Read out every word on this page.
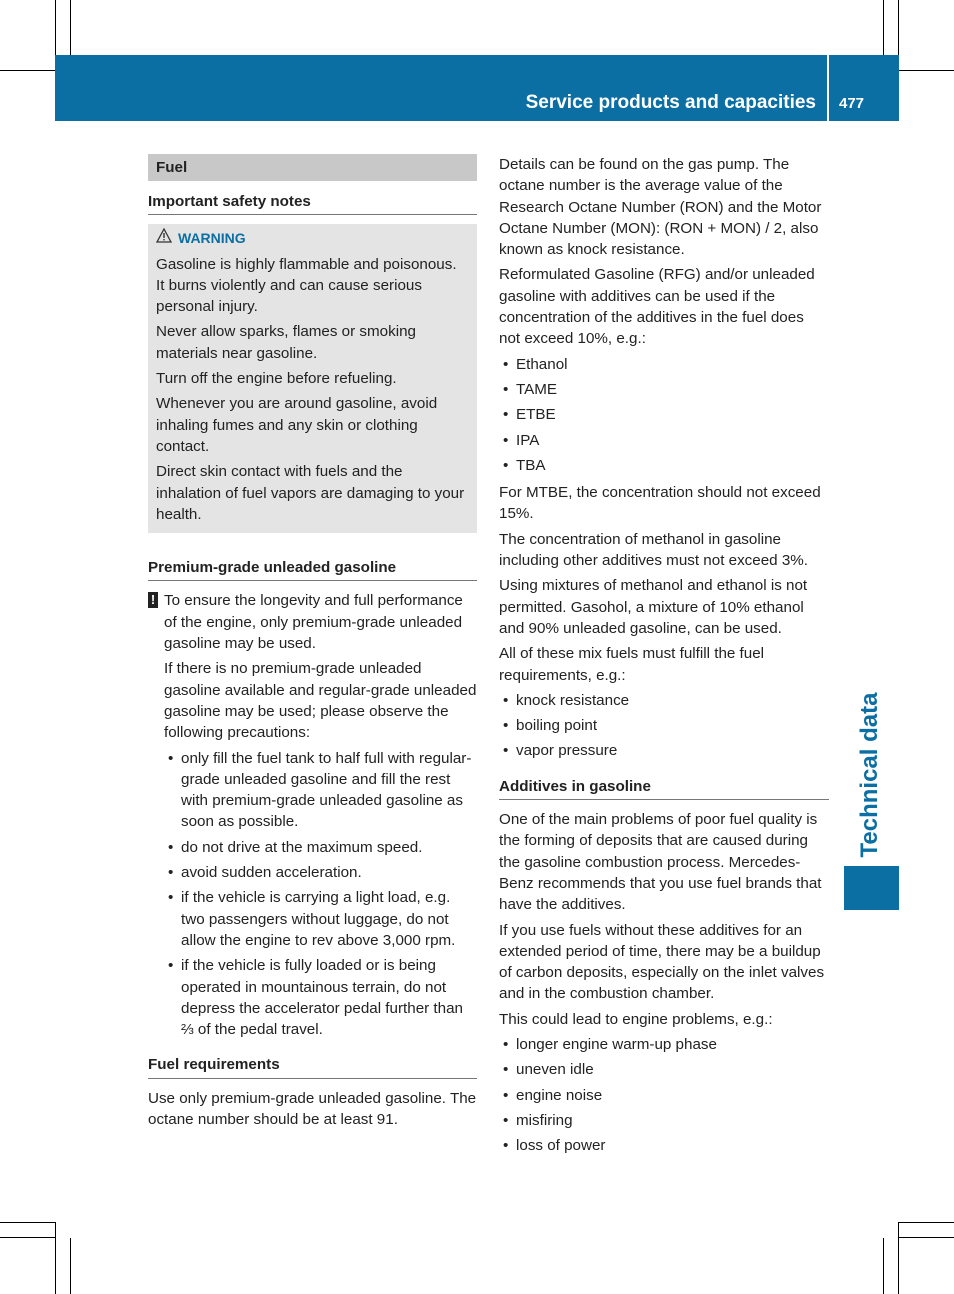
Service products and capacities 477
Technical data
Fuel
Important safety notes
WARNING

Gasoline is highly flammable and poisonous. It burns violently and can cause serious personal injury.

Never allow sparks, flames or smoking materials near gasoline.

Turn off the engine before refueling.

Whenever you are around gasoline, avoid inhaling fumes and any skin or clothing contact.

Direct skin contact with fuels and the inhalation of fuel vapors are damaging to your health.

Premium-grade unleaded gasoline
! To ensure the longevity and full performance of the engine, only premium-grade unleaded gasoline may be used.

If there is no premium-grade unleaded gasoline available and regular-grade unleaded gasoline may be used; please observe the following precautions:

• only fill the fuel tank to half full with regular-grade unleaded gasoline and fill the rest with premium-grade unleaded gasoline as soon as possible.
• do not drive at the maximum speed.
• avoid sudden acceleration.
• if the vehicle is carrying a light load, e.g. two passengers without luggage, do not allow the engine to rev above 3,000 rpm.
• if the vehicle is fully loaded or is being operated in mountainous terrain, do not depress the accelerator pedal further than ⅔ of the pedal travel.
Fuel requirements

Use only premium-grade unleaded gasoline. The octane number should be at least 91.

Details can be found on the gas pump. The octane number is the average value of the Research Octane Number (RON) and the Motor Octane Number (MON): (RON + MON) / 2, also known as knock resistance.

Reformulated Gasoline (RFG) and/or unleaded gasoline with additives can be used if the concentration of the additives in the fuel does not exceed 10%, e.g.:

• Ethanol
• TAME
• ETBE
• IPA
• TBA

For MTBE, the concentration should not exceed 15%.

The concentration of methanol in gasoline including other additives must not exceed 3%.

Using mixtures of methanol and ethanol is not permitted. Gasohol, a mixture of 10% ethanol and 90% unleaded gasoline, can be used.

All of these mix fuels must fulfill the fuel requirements, e.g.:

• knock resistance
• boiling point
• vapor pressure
Additives in gasoline

One of the main problems of poor fuel quality is the forming of deposits that are caused during the gasoline combustion process. Mercedes-Benz recommends that you use fuel brands that have the additives.

If you use fuels without these additives for an extended period of time, there may be a buildup of carbon deposits, especially on the inlet valves and in the combustion chamber.

This could lead to engine problems, e.g.:

• longer engine warm-up phase
• uneven idle
• engine noise
• misfiring
• loss of power
